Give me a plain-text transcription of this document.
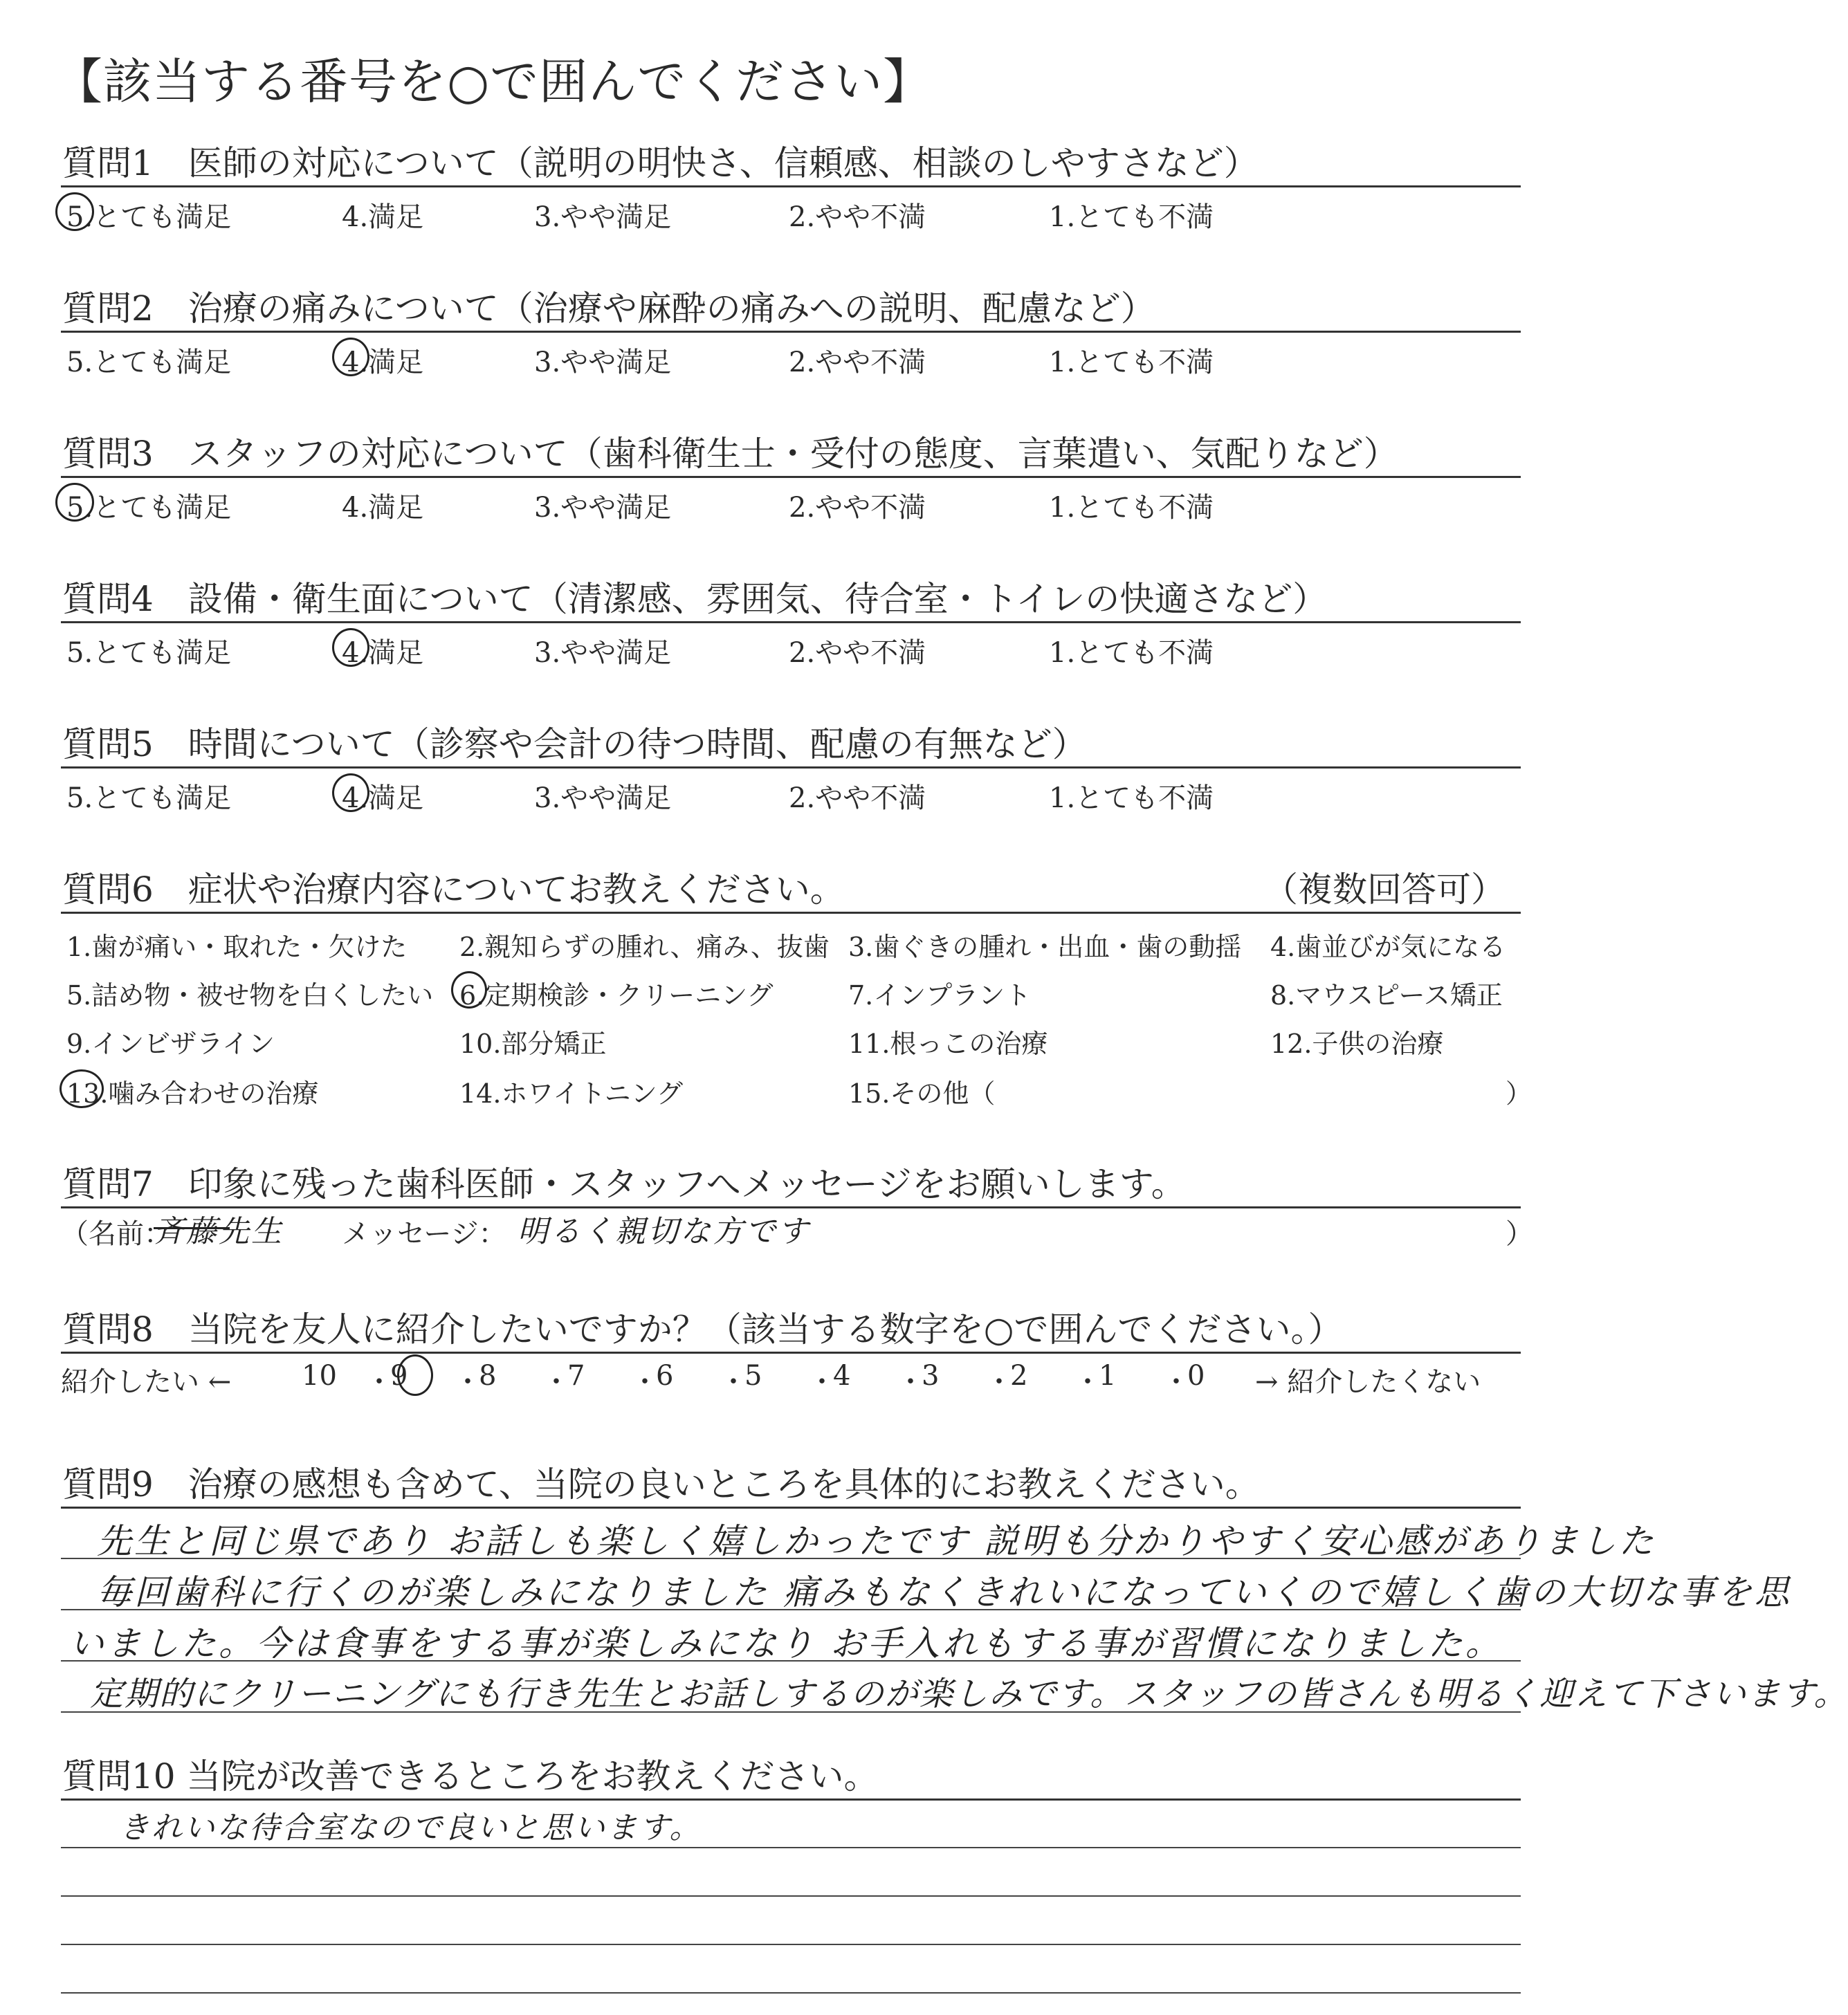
【該当する番号を○で囲んでください】
質問1　医師の対応について（説明の明快さ、信頼感、相談のしやすさなど）
5.とても満足	4.満足	3.やや満足	2.やや不満	1.とても不満
質問2　治療の痛みについて（治療や麻酔の痛みへの説明、配慮など）
5.とても満足	4.満足	3.やや満足	2.やや不満	1.とても不満
質問3　スタッフの対応について（歯科衛生士・受付の態度、言葉遣い、気配りなど）
5.とても満足	4.満足	3.やや満足	2.やや不満	1.とても不満
質問4　設備・衛生面について（清潔感、雰囲気、待合室・トイレの快適さなど）
5.とても満足	4.満足	3.やや満足	2.やや不満	1.とても不満
質問5　時間について（診察や会計の待つ時間、配慮の有無など）
5.とても満足	4.満足	3.やや満足	2.やや不満	1.とても不満
質問6　症状や治療内容についてお教えください。	（複数回答可）
1.歯が痛い・取れた・欠けた 2.親知らずの腫れ、痛み、抜歯 3.歯ぐきの腫れ・出血・歯の動揺 4.歯並びが気になる
5.詰め物・被せ物を白くしたい 6.定期検診・クリーニング	7.インプラント	8.マウスピース矯正
9.インビザライン	10.部分矯正	11.根っこの治療	12.子供の治療
13.噛み合わせの治療	14.ホワイトニング	15.その他（	）
質問7　印象に残った歯科医師・スタッフへメッセージをお願いします。
（名前：
斉藤先生 メッセージ： 明るく親切な方です	）
質問8　当院を友人に紹介したいですか？（該当する数字を○で囲んでください。）
紹介したい ←	→ 紹介したくない
10 ・
9 ・
8 ・
7 ・
6 ・
5 ・
4 ・
3 ・
2 ・
1 ・
0
質問9　治療の感想も含めて、当院の良いところを具体的にお教えください。
先生と同じ県であり お話しも楽しく嬉しかったです 説明も分かりやすく安心感がありました
毎回歯科に行くのが楽しみになりました 痛みもなくきれいになっていくので嬉しく歯の大切な事を思
いました。今は食事をする事が楽しみになり お手入れもする事が習慣になりました。
定期的にクリーニングにも行き先生とお話しするのが楽しみです。スタッフの皆さんも明るく迎えて下さいます。
質問10 当院が改善できるところをお教えください。
きれいな待合室なので良いと思います。
